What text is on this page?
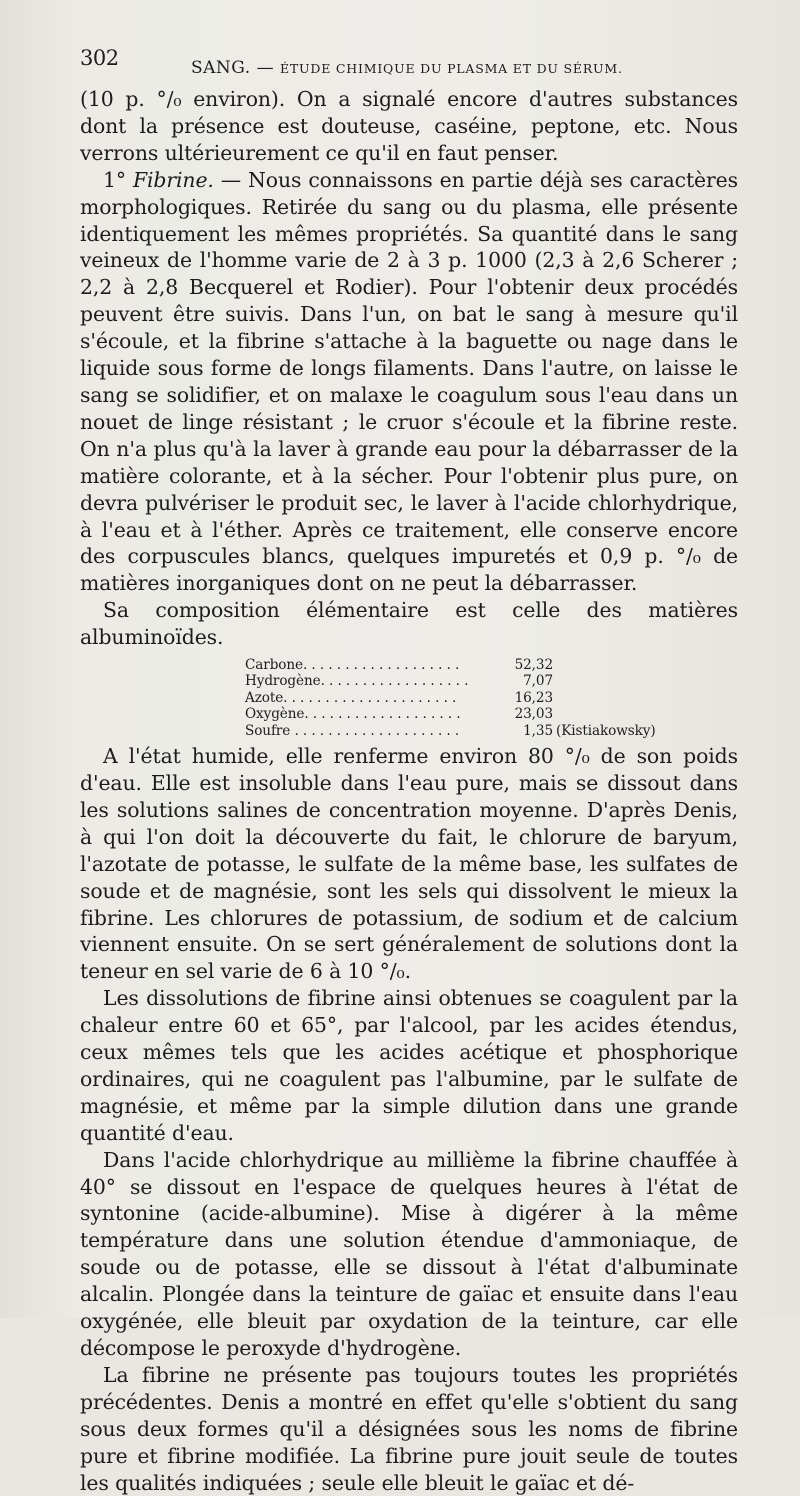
302	SANG. — ÉTUDE CHIMIQUE DU PLASMA ET DU SÉRUM.

(10 p. °/₀ environ). On a signalé encore d'autres substances dont la présence est douteuse, caséine, peptone, etc. Nous verrons ultérieurement ce qu'il en faut penser.

1° Fibrine. — Nous connaissons en partie déjà ses caractères morphologiques. Retirée du sang ou du plasma, elle présente identiquement les mêmes propriétés. Sa quantité dans le sang veineux de l'homme varie de 2 à 3 p. 1000 (2,3 à 2,6 Scherer ; 2,2 à 2,8 Becquerel et Rodier). Pour l'obtenir deux procédés peuvent être suivis. Dans l'un, on bat le sang à mesure qu'il s'écoule, et la fibrine s'attache à la baguette ou nage dans le liquide sous forme de longs filaments. Dans l'autre, on laisse le sang se solidifier, et on malaxe le coagulum sous l'eau dans un nouet de linge résistant ; le cruor s'écoule et la fibrine reste. On n'a plus qu'à la laver à grande eau pour la débarrasser de la matière colorante, et à la sécher. Pour l'obtenir plus pure, on devra pulvériser le produit sec, le laver à l'acide chlorhydrique, à l'eau et à l'éther. Après ce traitement, elle conserve encore des corpuscules blancs, quelques impuretés et 0,9 p. °/₀ de matières inorganiques dont on ne peut la débarrasser.

Sa composition élémentaire est celle des matières albuminoïdes.

Carbone. . . . . . . . . . . . . . . . . . .	52,32
Hydrogène. . . . . . . . . . . . . . . . . .	7,07
Azote. . . . . . . . . . . . . . . . . . . . .	16,23
Oxygène. . . . . . . . . . . . . . . . . . .	23,03
Soufre . . . . . . . . . . . . . . . . . . . .	1,35 (Kistiakowsky)

A l'état humide, elle renferme environ 80 °/₀ de son poids d'eau. Elle est insoluble dans l'eau pure, mais se dissout dans les solutions salines de concentration moyenne. D'après Denis, à qui l'on doit la découverte du fait, le chlorure de baryum, l'azotate de potasse, le sulfate de la même base, les sulfates de soude et de magnésie, sont les sels qui dissolvent le mieux la fibrine. Les chlorures de potassium, de sodium et de calcium viennent ensuite. On se sert généralement de solutions dont la teneur en sel varie de 6 à 10 °/₀.

Les dissolutions de fibrine ainsi obtenues se coagulent par la chaleur entre 60 et 65°, par l'alcool, par les acides étendus, ceux mêmes tels que les acides acétique et phosphorique ordinaires, qui ne coagulent pas l'albumine, par le sulfate de magnésie, et même par la simple dilution dans une grande quantité d'eau.

Dans l'acide chlorhydrique au millième la fibrine chauffée à 40° se dissout en l'espace de quelques heures à l'état de syntonine (acide-albumine). Mise à digérer à la même température dans une solution étendue d'ammoniaque, de soude ou de potasse, elle se dissout à l'état d'albuminate alcalin. Plongée dans la teinture de gaïac et ensuite dans l'eau oxygénée, elle bleuit par oxydation de la teinture, car elle décompose le peroxyde d'hydrogène.

La fibrine ne présente pas toujours toutes les propriétés précédentes. Denis a montré en effet qu'elle s'obtient du sang sous deux formes qu'il a désignées sous les noms de fibrine pure et fibrine modifiée. La fibrine pure jouit seule de toutes les qualités indiquées ; seule elle bleuit le gaïac et dé-
